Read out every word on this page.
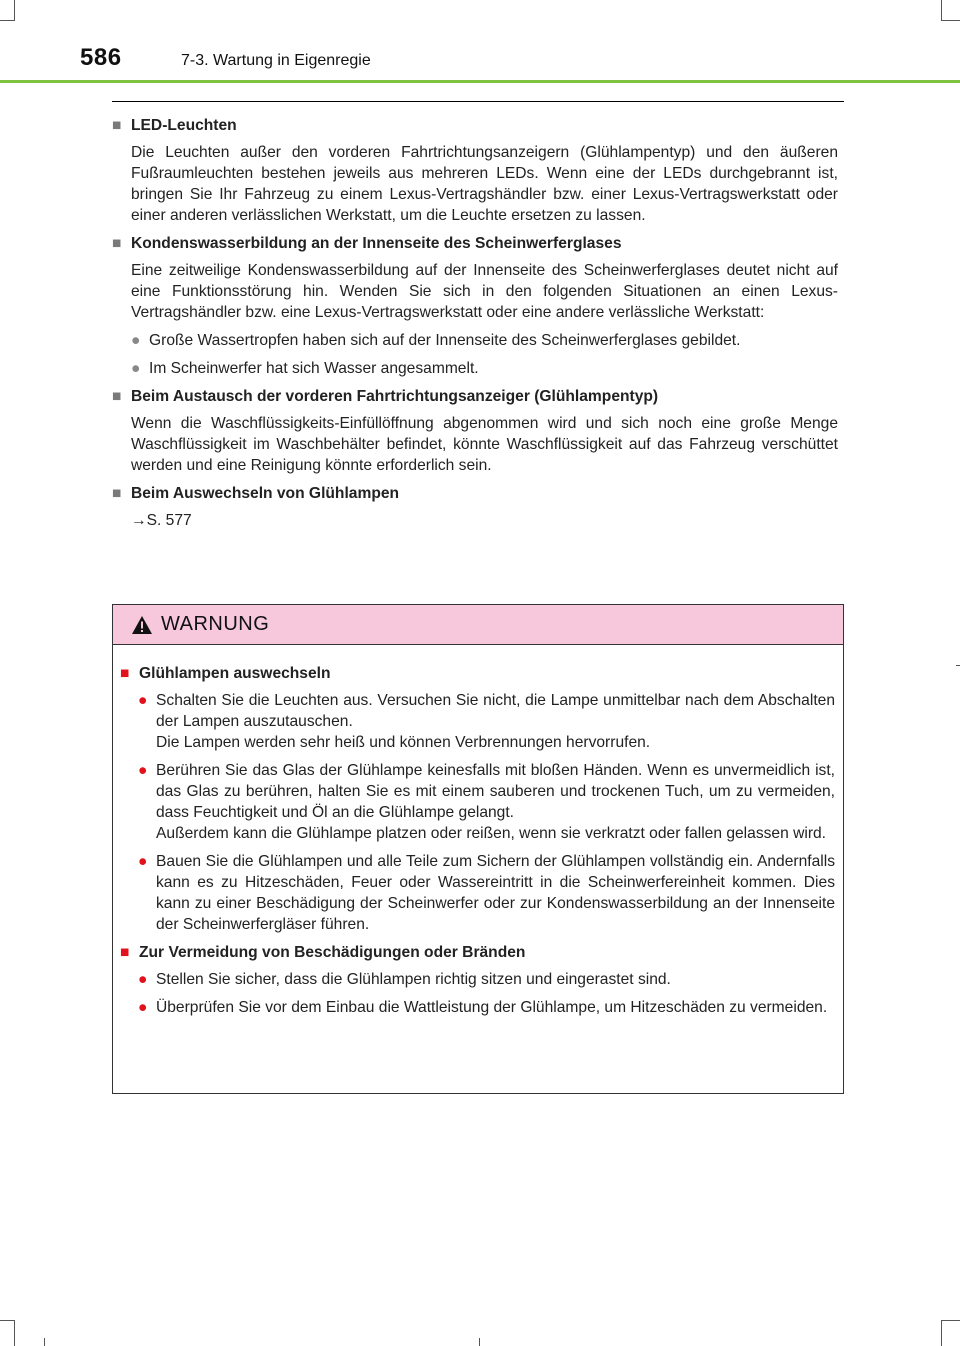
586	7-3. Wartung in Eigenregie
■ LED-Leuchten
Die Leuchten außer den vorderen Fahrtrichtungsanzeigern (Glühlampentyp) und den äußeren Fußraumleuchten bestehen jeweils aus mehreren LEDs. Wenn eine der LEDs durchgebrannt ist, bringen Sie Ihr Fahrzeug zu einem Lexus-Vertragshändler bzw. einer Lexus-Vertragswerkstatt oder einer anderen verlässlichen Werkstatt, um die Leuchte ersetzen zu lassen.
■ Kondenswasserbildung an der Innenseite des Scheinwerferglases
Eine zeitweilige Kondenswasserbildung auf der Innenseite des Scheinwerferglases deutet nicht auf eine Funktionsstörung hin. Wenden Sie sich in den folgenden Situationen an einen Lexus-Vertragshändler bzw. eine Lexus-Vertragswerkstatt oder eine andere verlässliche Werkstatt:
● Große Wassertropfen haben sich auf der Innenseite des Scheinwerferglases gebildet.
● Im Scheinwerfer hat sich Wasser angesammelt.
■ Beim Austausch der vorderen Fahrtrichtungsanzeiger (Glühlampentyp)
Wenn die Waschflüssigkeits-Einfüllöffnung abgenommen wird und sich noch eine große Menge Waschflüssigkeit im Waschbehälter befindet, könnte Waschflüssigkeit auf das Fahrzeug verschüttet werden und eine Reinigung könnte erforderlich sein.
■ Beim Auswechseln von Glühlampen
→S. 577
WARNUNG
■ Glühlampen auswechseln
● Schalten Sie die Leuchten aus. Versuchen Sie nicht, die Lampe unmittelbar nach dem Abschalten der Lampen auszutauschen.
Die Lampen werden sehr heiß und können Verbrennungen hervorrufen.
● Berühren Sie das Glas der Glühlampe keinesfalls mit bloßen Händen. Wenn es unvermeidlich ist, das Glas zu berühren, halten Sie es mit einem sauberen und trockenen Tuch, um zu vermeiden, dass Feuchtigkeit und Öl an die Glühlampe gelangt.
Außerdem kann die Glühlampe platzen oder reißen, wenn sie verkratzt oder fallen gelassen wird.
● Bauen Sie die Glühlampen und alle Teile zum Sichern der Glühlampen vollständig ein. Andernfalls kann es zu Hitzeschäden, Feuer oder Wassereintritt in die Scheinwerfereinheit kommen. Dies kann zu einer Beschädigung der Scheinwerfer oder zur Kondenswasserbildung an der Innenseite der Scheinwerfergläser führen.
■ Zur Vermeidung von Beschädigungen oder Bränden
● Stellen Sie sicher, dass die Glühlampen richtig sitzen und eingerastet sind.
● Überprüfen Sie vor dem Einbau die Wattleistung der Glühlampe, um Hitzeschäden zu vermeiden.
